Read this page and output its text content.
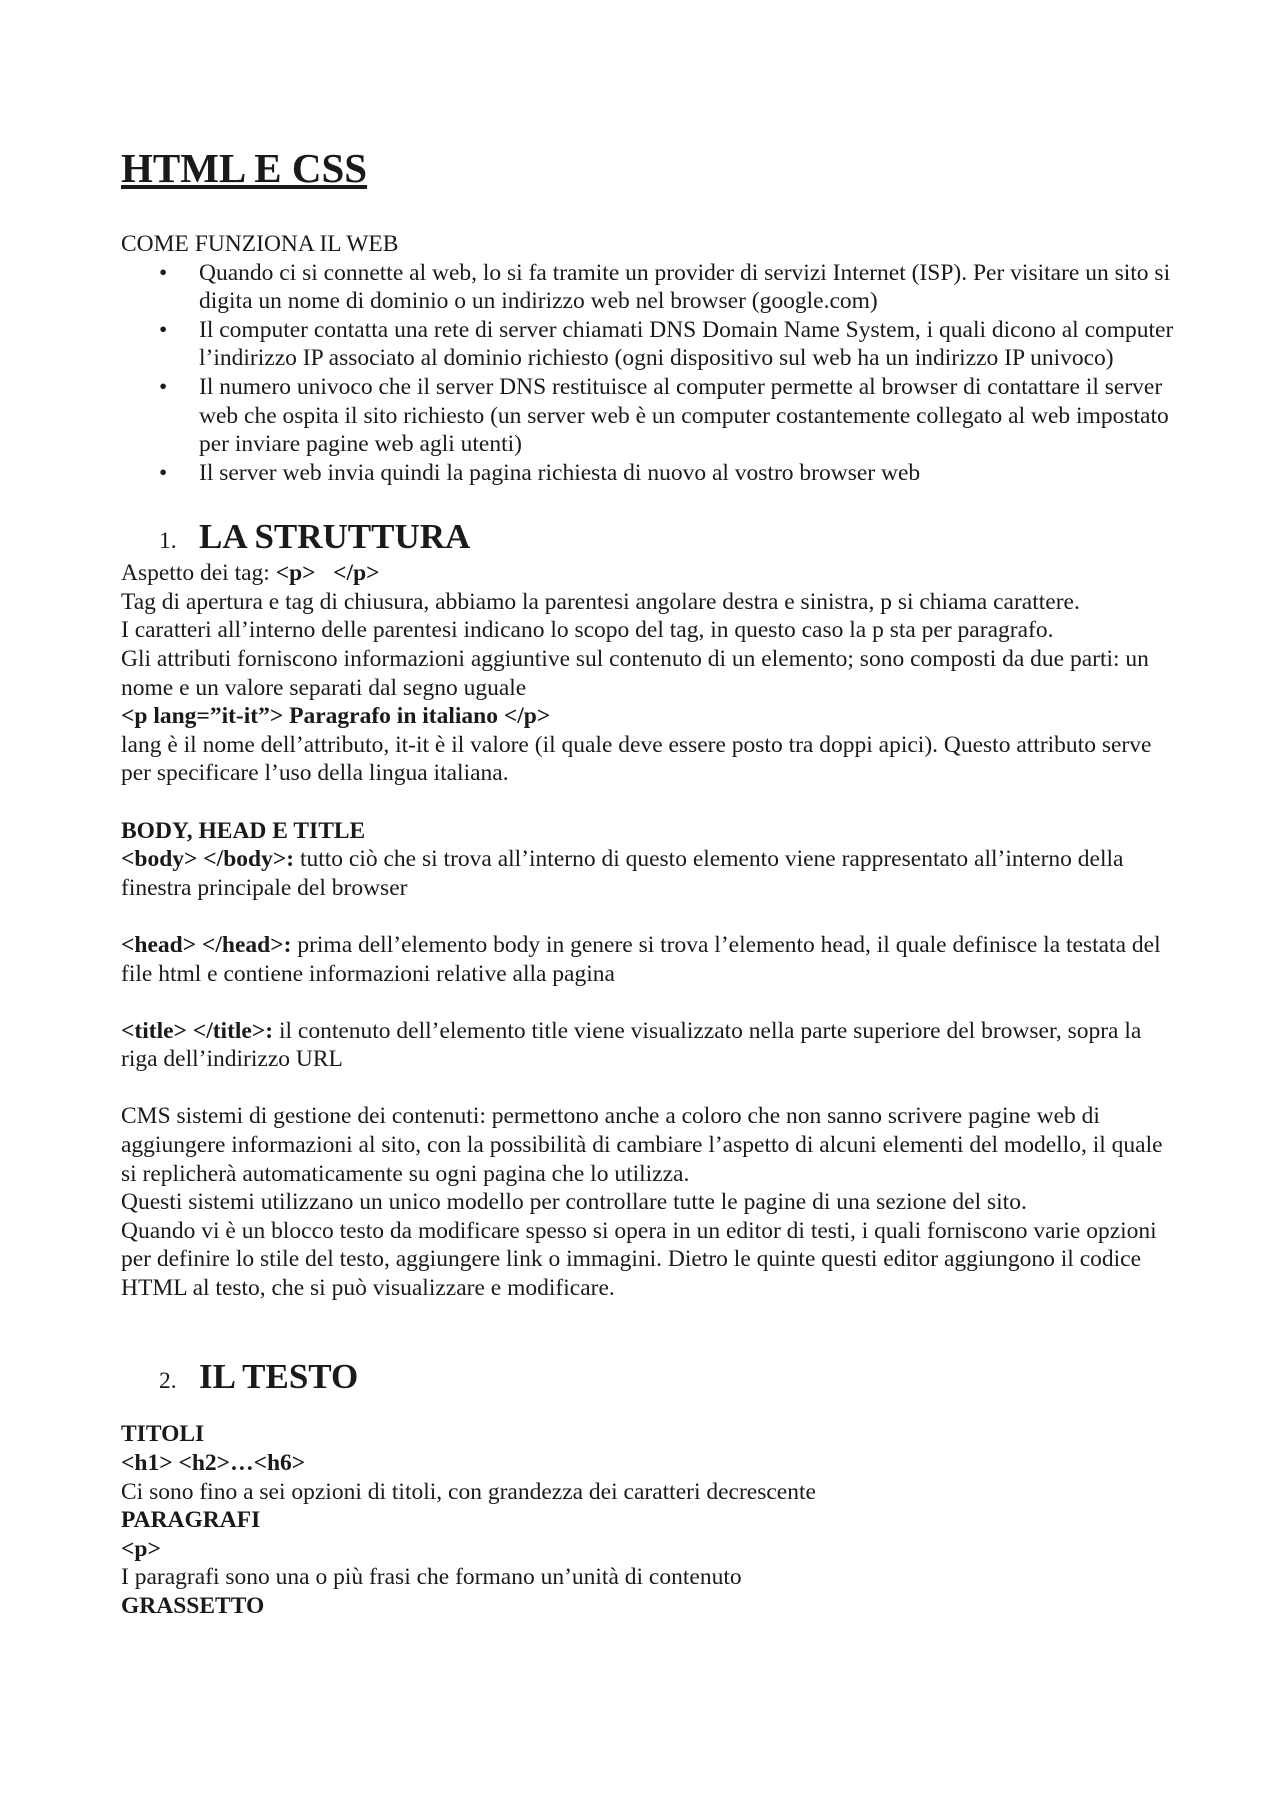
HTML E CSS

COME FUNZIONA IL WEB

• Quando ci si connette al web, lo si fa tramite un provider di servizi Internet (ISP). Per visitare un sito si digita un nome di dominio o un indirizzo web nel browser (google.com)
• Il computer contatta una rete di server chiamati DNS Domain Name System, i quali dicono al computer l’indirizzo IP associato al dominio richiesto (ogni dispositivo sul web ha un indirizzo IP univoco)
• Il numero univoco che il server DNS restituisce al computer permette al browser di contattare il server web che ospita il sito richiesto (un server web è un computer costantemente collegato al web impostato per inviare pagine web agli utenti)
• Il server web invia quindi la pagina richiesta di nuovo al vostro browser web
1. LA STRUTTURA

Aspetto dei tag: <p>   </p>

Tag di apertura e tag di chiusura, abbiamo la parentesi angolare destra e sinistra, p si chiama carattere.

I caratteri all’interno delle parentesi indicano lo scopo del tag, in questo caso la p sta per paragrafo.

Gli attributi forniscono informazioni aggiuntive sul contenuto di un elemento; sono composti da due parti: un nome e un valore separati dal segno uguale

<p lang=”it-it”> Paragrafo in italiano </p>

lang è il nome dell’attributo, it-it è il valore (il quale deve essere posto tra doppi apici). Questo attributo serve per specificare l’uso della lingua italiana.

BODY, HEAD E TITLE

<body> </body>: tutto ciò che si trova all’interno di questo elemento viene rappresentato all’interno della finestra principale del browser

<head> </head>: prima dell’elemento body in genere si trova l’elemento head, il quale definisce la testata del file html e contiene informazioni relative alla pagina

<title> </title>: il contenuto dell’elemento title viene visualizzato nella parte superiore del browser, sopra la riga dell’indirizzo URL

CMS sistemi di gestione dei contenuti: permettono anche a coloro che non sanno scrivere pagine web di aggiungere informazioni al sito, con la possibilità di cambiare l’aspetto di alcuni elementi del modello, il quale si replicherà automaticamente su ogni pagina che lo utilizza.

Questi sistemi utilizzano un unico modello per controllare tutte le pagine di una sezione del sito.

Quando vi è un blocco testo da modificare spesso si opera in un editor di testi, i quali forniscono varie opzioni per definire lo stile del testo, aggiungere link o immagini. Dietro le quinte questi editor aggiungono il codice HTML al testo, che si può visualizzare e modificare.

2. IL TESTO

TITOLI

<h1> <h2>…<h6>

Ci sono fino a sei opzioni di titoli, con grandezza dei caratteri decrescente

PARAGRAFI

<p>

I paragrafi sono una o più frasi che formano un’unità di contenuto

GRASSETTO
